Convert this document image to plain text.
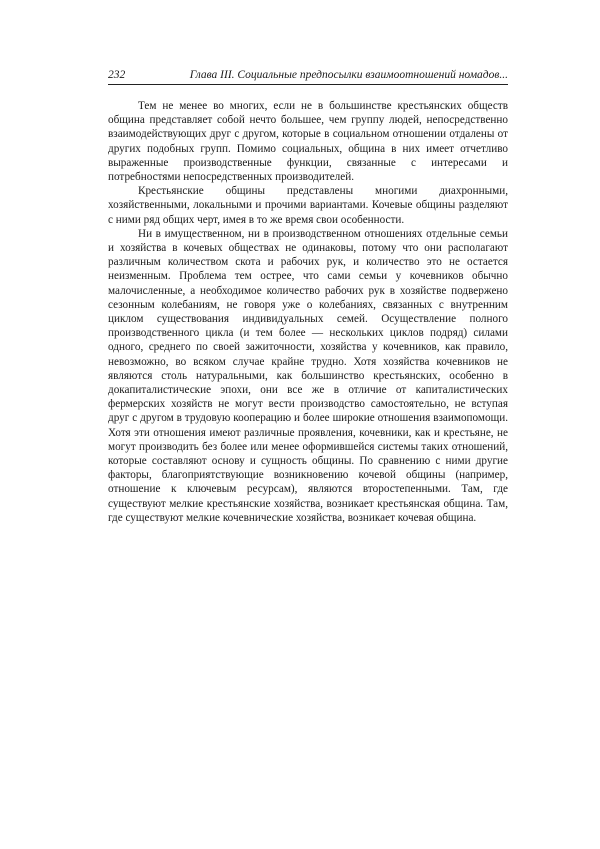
232	Глава III. Социальные предпосылки взаимоотношений номадов...

Тем не менее во многих, если не в большинстве крестьянских обществ община представляет собой нечто большее, чем группу людей, непосредственно взаимодействующих друг с другом, которые в социальном отношении отдалены от других подобных групп. Помимо социальных, община в них имеет отчетливо выраженные производственные функции, связанные с интересами и потребностями непосредственных производителей.

Крестьянские общины представлены многими диахронными, хозяйственными, локальными и прочими вариантами. Кочевые общины разделяют с ними ряд общих черт, имея в то же время свои особенности.

Ни в имущественном, ни в производственном отношениях отдельные семьи и хозяйства в кочевых обществах не одинаковы, потому что они располагают различным количеством скота и рабочих рук, и количество это не остается неизменным. Проблема тем острее, что сами семьи у кочевников обычно малочисленные, а необходимое количество рабочих рук в хозяйстве подвержено сезонным колебаниям, не говоря уже о колебаниях, связанных с внутренним циклом существования индивидуальных семей. Осуществление полного производственного цикла (и тем более — нескольких циклов подряд) силами одного, среднего по своей зажиточности, хозяйства у кочевников, как правило, невозможно, во всяком случае крайне трудно. Хотя хозяйства кочевников не являются столь натуральными, как большинство крестьянских, особенно в докапиталистические эпохи, они все же в отличие от капиталистических фермерских хозяйств не могут вести производство самостоятельно, не вступая друг с другом в трудовую кооперацию и более широкие отношения взаимопомощи. Хотя эти отношения имеют различные проявления, кочевники, как и крестьяне, не могут производить без более или менее оформившейся системы таких отношений, которые составляют основу и сущность общины. По сравнению с ними другие факторы, благоприятствующие возникновению кочевой общины (например, отношение к ключевым ресурсам), являются второстепенными. Там, где существуют мелкие крестьянские хозяйства, возникает крестьянская община. Там, где существуют мелкие кочевнические хозяйства, возникает кочевая община.
